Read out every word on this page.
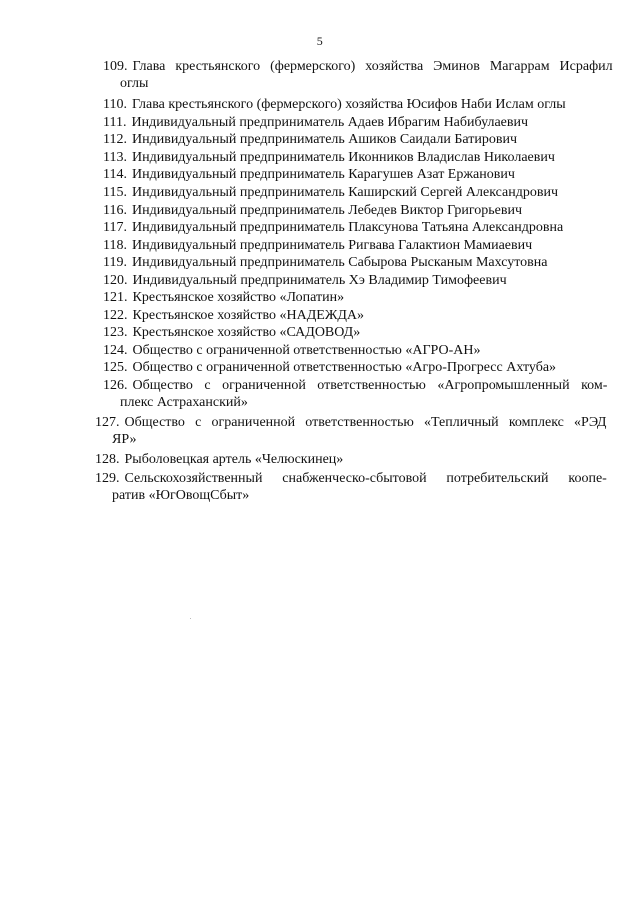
5
109. Глава крестьянского (фермерского) хозяйства Эминов Магаррам Исрафил
оглы
110. Глава крестьянского (фермерского) хозяйства Юсифов Наби Ислам оглы
111. Индивидуальный предприниматель Адаев Ибрагим Набибулаевич
112. Индивидуальный предприниматель Ашиков Саидали Батирович
113. Индивидуальный предприниматель Иконников Владислав Николаевич
114. Индивидуальный предприниматель Карагушев Азат Ержанович
115. Индивидуальный предприниматель Каширский Сергей Александрович
116. Индивидуальный предприниматель Лебедев Виктор Григорьевич
117. Индивидуальный предприниматель Плаксунова Татьяна Александровна
118. Индивидуальный предприниматель Ригвава Галактион Мамиаевич
119. Индивидуальный предприниматель Сабырова Рысканым Махсутовна
120. Индивидуальный предприниматель Хэ Владимир Тимофеевич
121. Крестьянское хозяйство «Лопатин»
122. Крестьянское хозяйство «НАДЕЖДА»
123. Крестьянское хозяйство «САДОВОД»
124. Общество с ограниченной ответственностью «АГРО-АН»
125. Общество с ограниченной ответственностью «Агро-Прогресс Ахтуба»
126. Общество с ограниченной ответственностью «Агропромышленный ком-
плекс Астраханский»
127. Общество с ограниченной ответственностью «Тепличный комплекс «РЭД
ЯР»
128. Рыболовецкая артель «Челюскинец»
129. Сельскохозяйственный снабженческо-сбытовой потребительский коопе-
ратив «ЮгОвощСбыт»
